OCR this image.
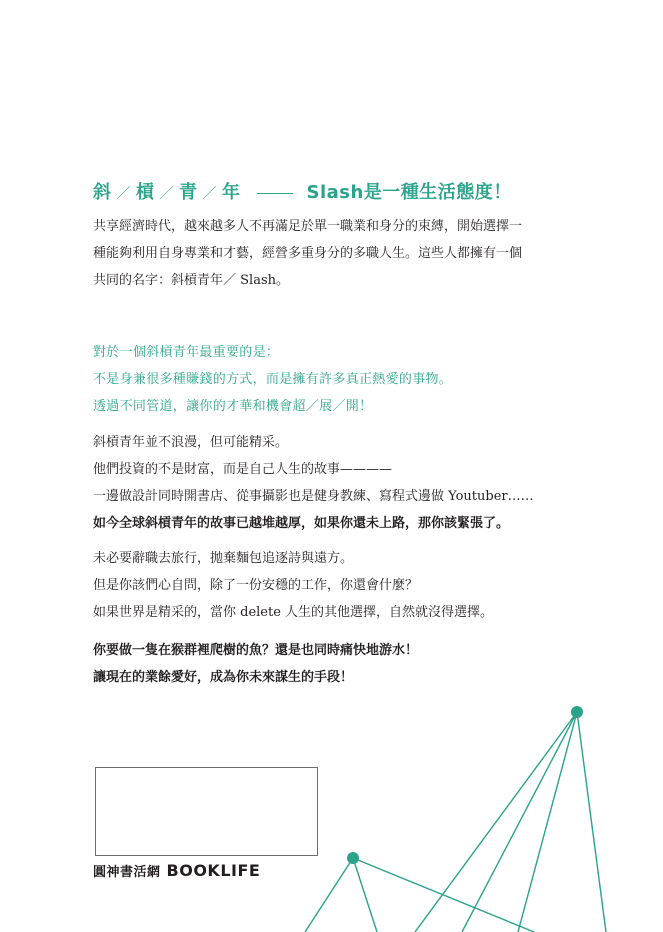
斜 ／ 槓 ／ 青 ／ 年	Slash是一種生活態度！

共享經濟時代，越來越多人不再滿足於單一職業和身分的束縛，開始選擇一

種能夠利用自身專業和才藝，經營多重身分的多職人生。這些人都擁有一個

共同的名字：斜槓青年／ Slash。

對於一個斜槓青年最重要的是：

不是身兼很多種賺錢的方式，而是擁有許多真正熱愛的事物。

透過不同管道，讓你的才華和機會超／展／開！

斜槓青年並不浪漫，但可能精采。

他們投資的不是財富，而是自己人生的故事————

一邊做設計同時開書店、從事攝影也是健身教練、寫程式邊做 Youtuber……

如今全球斜槓青年的故事已越堆越厚，如果你還未上路，那你該緊張了。

未必要辭職去旅行，拋棄麵包追逐詩與遠方。

但是你該們心自問，除了一份安穩的工作，你還會什麼？

如果世界是精采的，當你 delete 人生的其他選擇，自然就沒得選擇。

你要做一隻在猴群裡爬樹的魚？還是也同時痛快地游水！

讓現在的業餘愛好，成為你未來謀生的手段！

圓神書活網 BOOKLIFE
